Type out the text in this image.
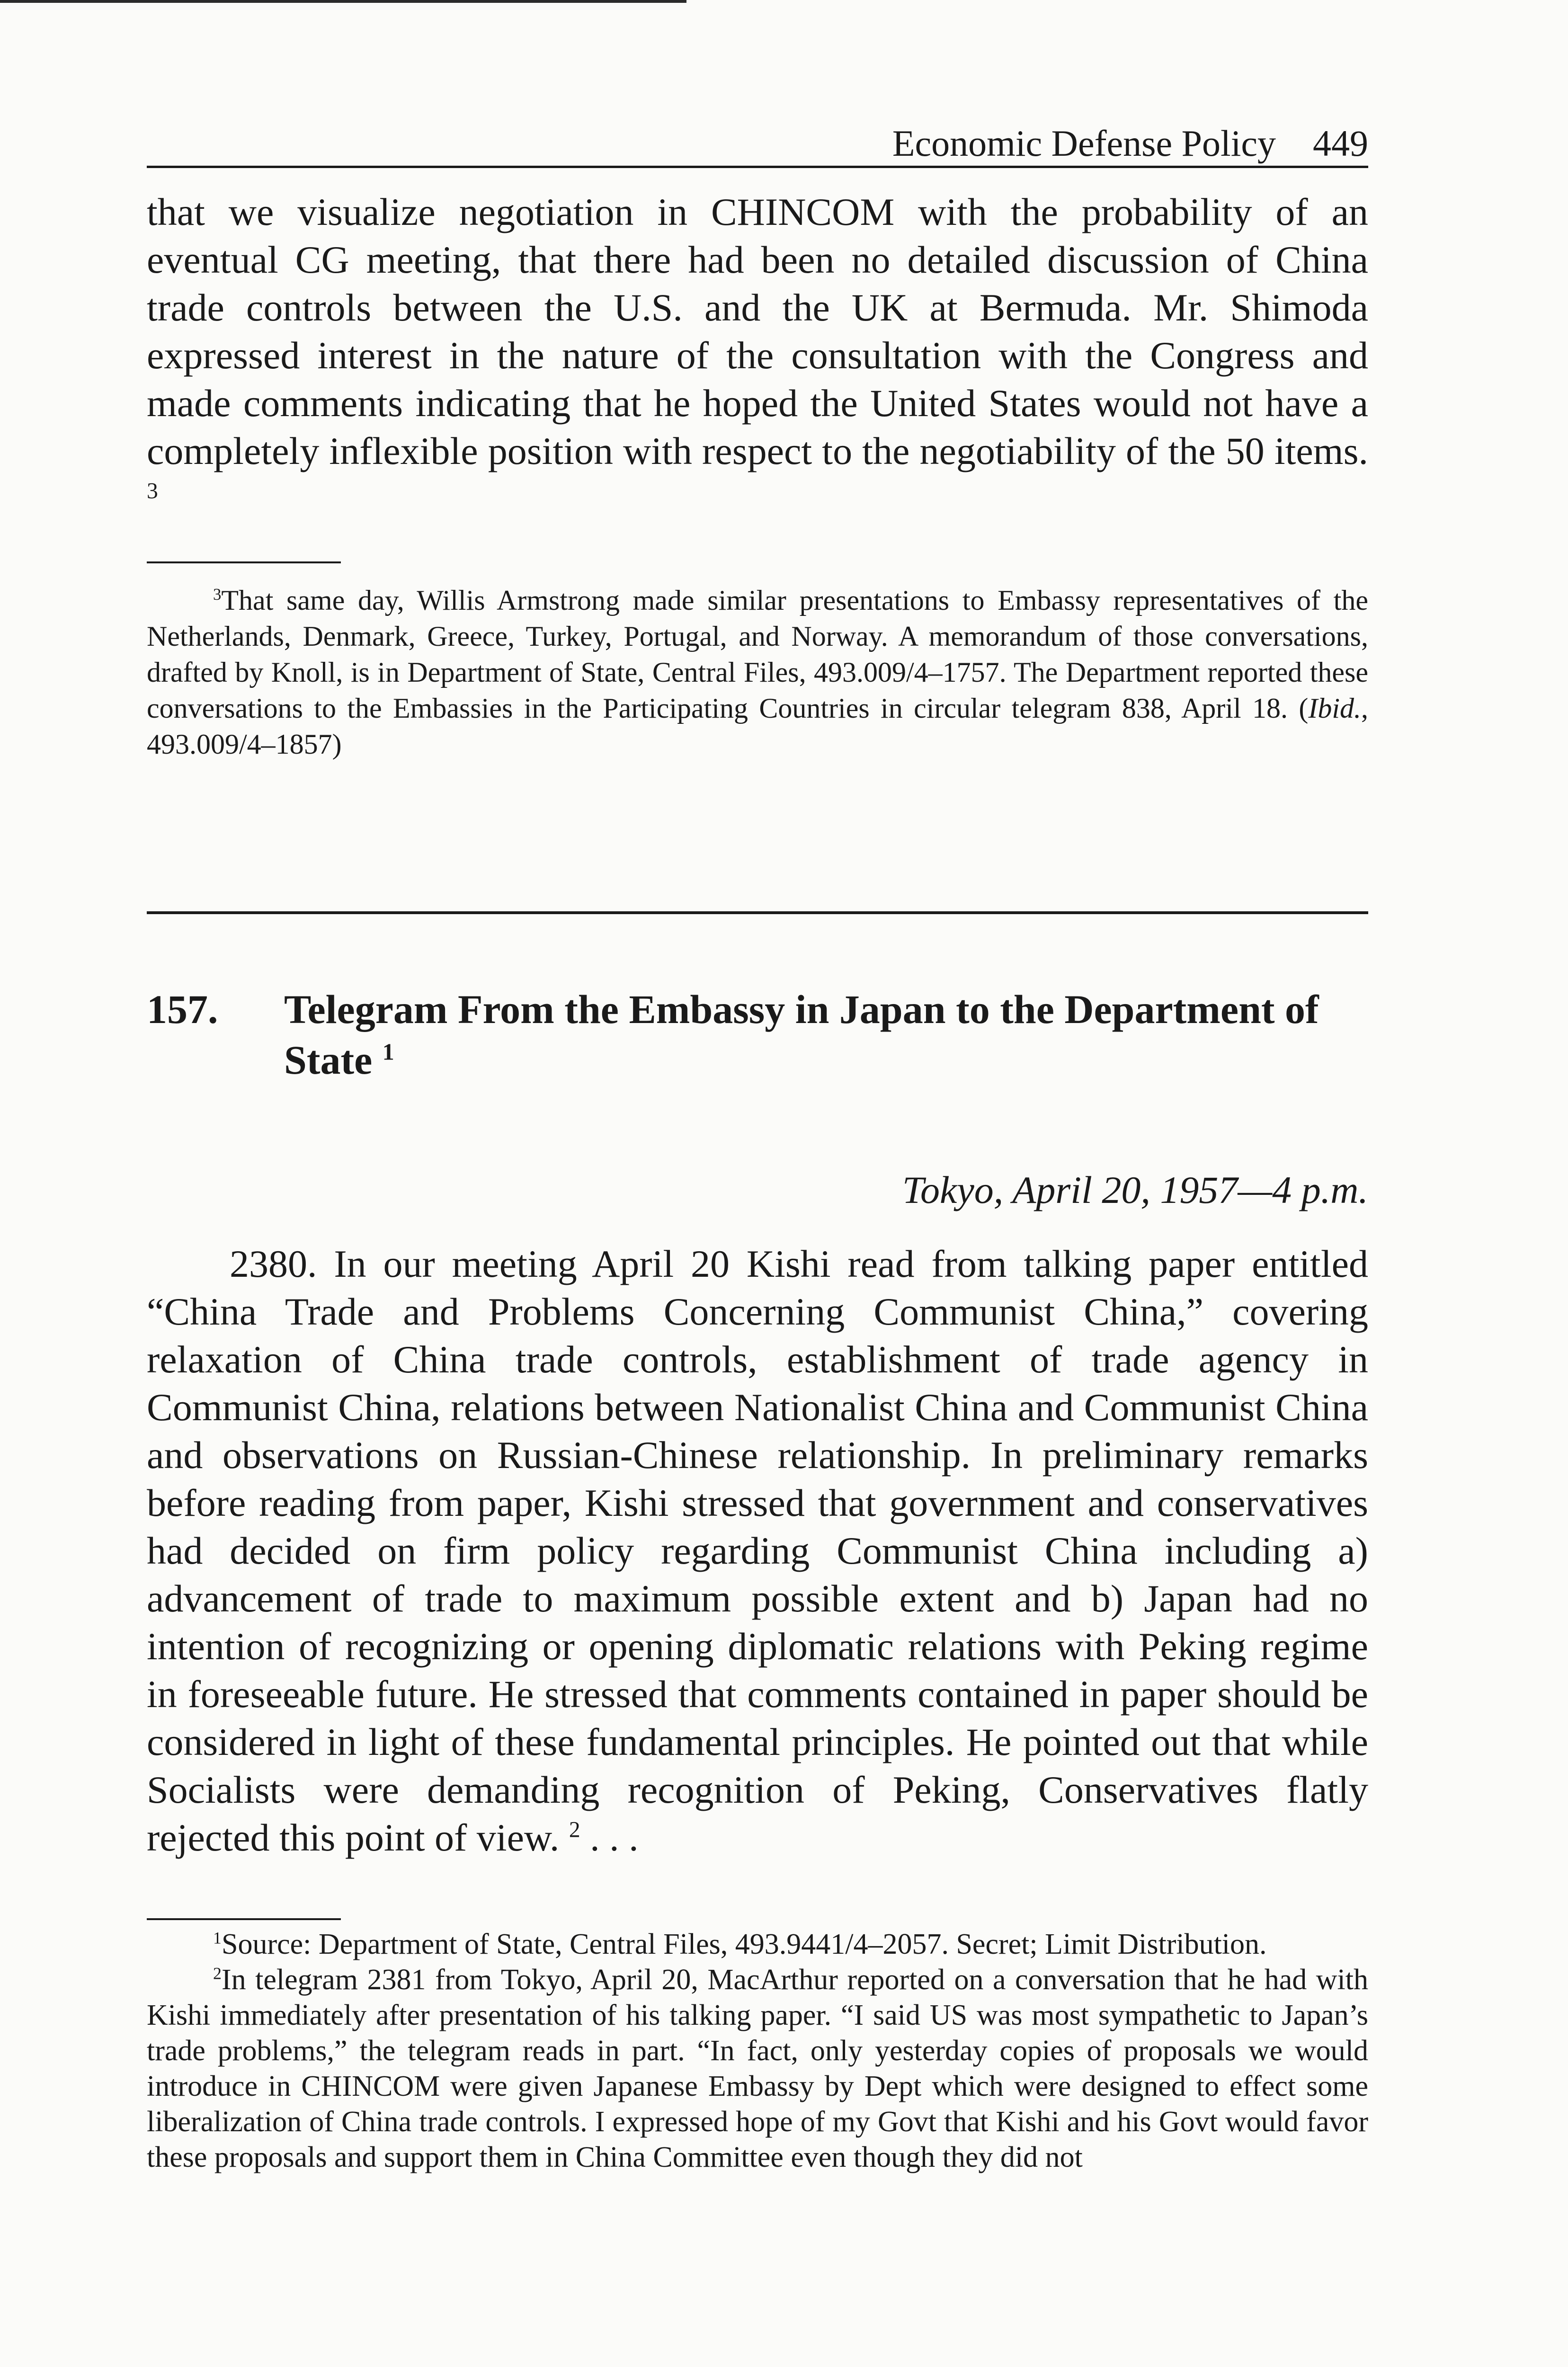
Economic Defense Policy 449

that we visualize negotiation in CHINCOM with the probability of an eventual CG meeting, that there had been no detailed discussion of China trade controls between the U.S. and the UK at Bermuda. Mr. Shimoda expressed interest in the nature of the consultation with the Congress and made comments indicating that he hoped the United States would not have a completely inflexible position with respect to the negotiability of the 50 items. $^3$

$^3$That same day, Willis Armstrong made similar presentations to Embassy representatives of the Netherlands, Denmark, Greece, Turkey, Portugal, and Norway. A memorandum of those conversations, drafted by Knoll, is in Department of State, Central Files, 493.009/4–1757. The Department reported these conversations to the Embassies in the Participating Countries in circular telegram 838, April 18. (Ibid., 493.009/4–1857)

157.	Telegram From the Embassy in Japan to the Department of State $^1$
Tokyo, April 20, 1957—4 p.m.

2380. In our meeting April 20 Kishi read from talking paper entitled “China Trade and Problems Concerning Communist China,” covering relaxation of China trade controls, establishment of trade agency in Communist China, relations between Nationalist China and Communist China and observations on Russian-Chinese relationship. In preliminary remarks before reading from paper, Kishi stressed that government and conservatives had decided on firm policy regarding Communist China including a) advancement of trade to maximum possible extent and b) Japan had no intention of recognizing or opening diplomatic relations with Peking regime in foreseeable future. He stressed that comments contained in paper should be considered in light of these fundamental principles. He pointed out that while Socialists were demanding recognition of Peking, Conservatives flatly rejected this point of view. $^2$ . . .

$^1$Source: Department of State, Central Files, 493.9441/4–2057. Secret; Limit Distribution.

$^2$In telegram 2381 from Tokyo, April 20, MacArthur reported on a conversation that he had with Kishi immediately after presentation of his talking paper. “I said US was most sympathetic to Japan’s trade problems,” the telegram reads in part. “In fact, only yesterday copies of proposals we would introduce in CHINCOM were given Japanese Embassy by Dept which were designed to effect some liberalization of China trade controls. I expressed hope of my Govt that Kishi and his Govt would favor these proposals and support them in China Committee even though they did not
